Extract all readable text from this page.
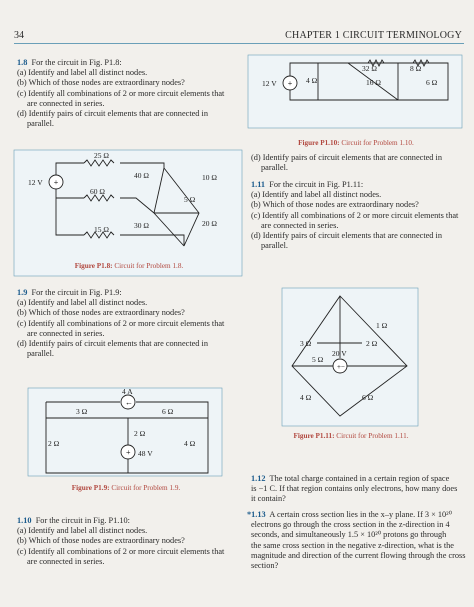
34	CHAPTER 1 CIRCUIT TERMINOLOGY
1.8 For the circuit in Fig. P1.8:
(a) Identify and label all distinct nodes.
(b) Which of those nodes are extraordinary nodes?
(c) Identify all combinations of 2 or more circuit elements that
are connected in series.
(d) Identify pairs of circuit elements that are connected in
parallel.
+
12 V
25 Ω
40 Ω	10 Ω
60 Ω
5 Ω
30 Ω	20 Ω
15 Ω
Figure P1.8: Circuit for Problem 1.8.
+
12 V	4 Ω
32 Ω
16 Ω
8 Ω
6 Ω
Figure P1.10: Circuit for Problem 1.10.
(d) Identify pairs of circuit elements that are connected in
parallel.
1.11 For the circuit in Fig. P1.11:
(a) Identify and label all distinct nodes.
(b) Which of those nodes are extraordinary nodes?
(c) Identify all combinations of 2 or more circuit elements that
are connected in series.
(d) Identify pairs of circuit elements that are connected in
parallel.
1.9 For the circuit in Fig. P1.9:
(a) Identify and label all distinct nodes.
(b) Which of those nodes are extraordinary nodes?
(c) Identify all combinations of 2 or more circuit elements that
are connected in series.
(d) Identify pairs of circuit elements that are connected in
parallel.
+−
1 Ω
3 Ω	2 Ω
20 V
5 Ω
4 Ω	6 Ω
Figure P1.11: Circuit for Problem 1.11.
←
+
4 A
3 Ω	6 Ω
2 Ω
2 Ω
4 Ω
48 V
Figure P1.9: Circuit for Problem 1.9.
1.12 The total charge contained in a certain region of space
is −1 C. If that region contains only electrons, how many does
it contain?
*1.13 A certain cross section lies in the x–y plane. If 3 × 10²⁰
electrons go through the cross section in the z-direction in 4
seconds, and simultaneously 1.5 × 10²⁰ protons go through
the same cross section in the negative z-direction, what is the
magnitude and direction of the current flowing through the cross
section?
1.10 For the circuit in Fig. P1.10:
(a) Identify and label all distinct nodes.
(b) Which of those nodes are extraordinary nodes?
(c) Identify all combinations of 2 or more circuit elements that
are connected in series.
